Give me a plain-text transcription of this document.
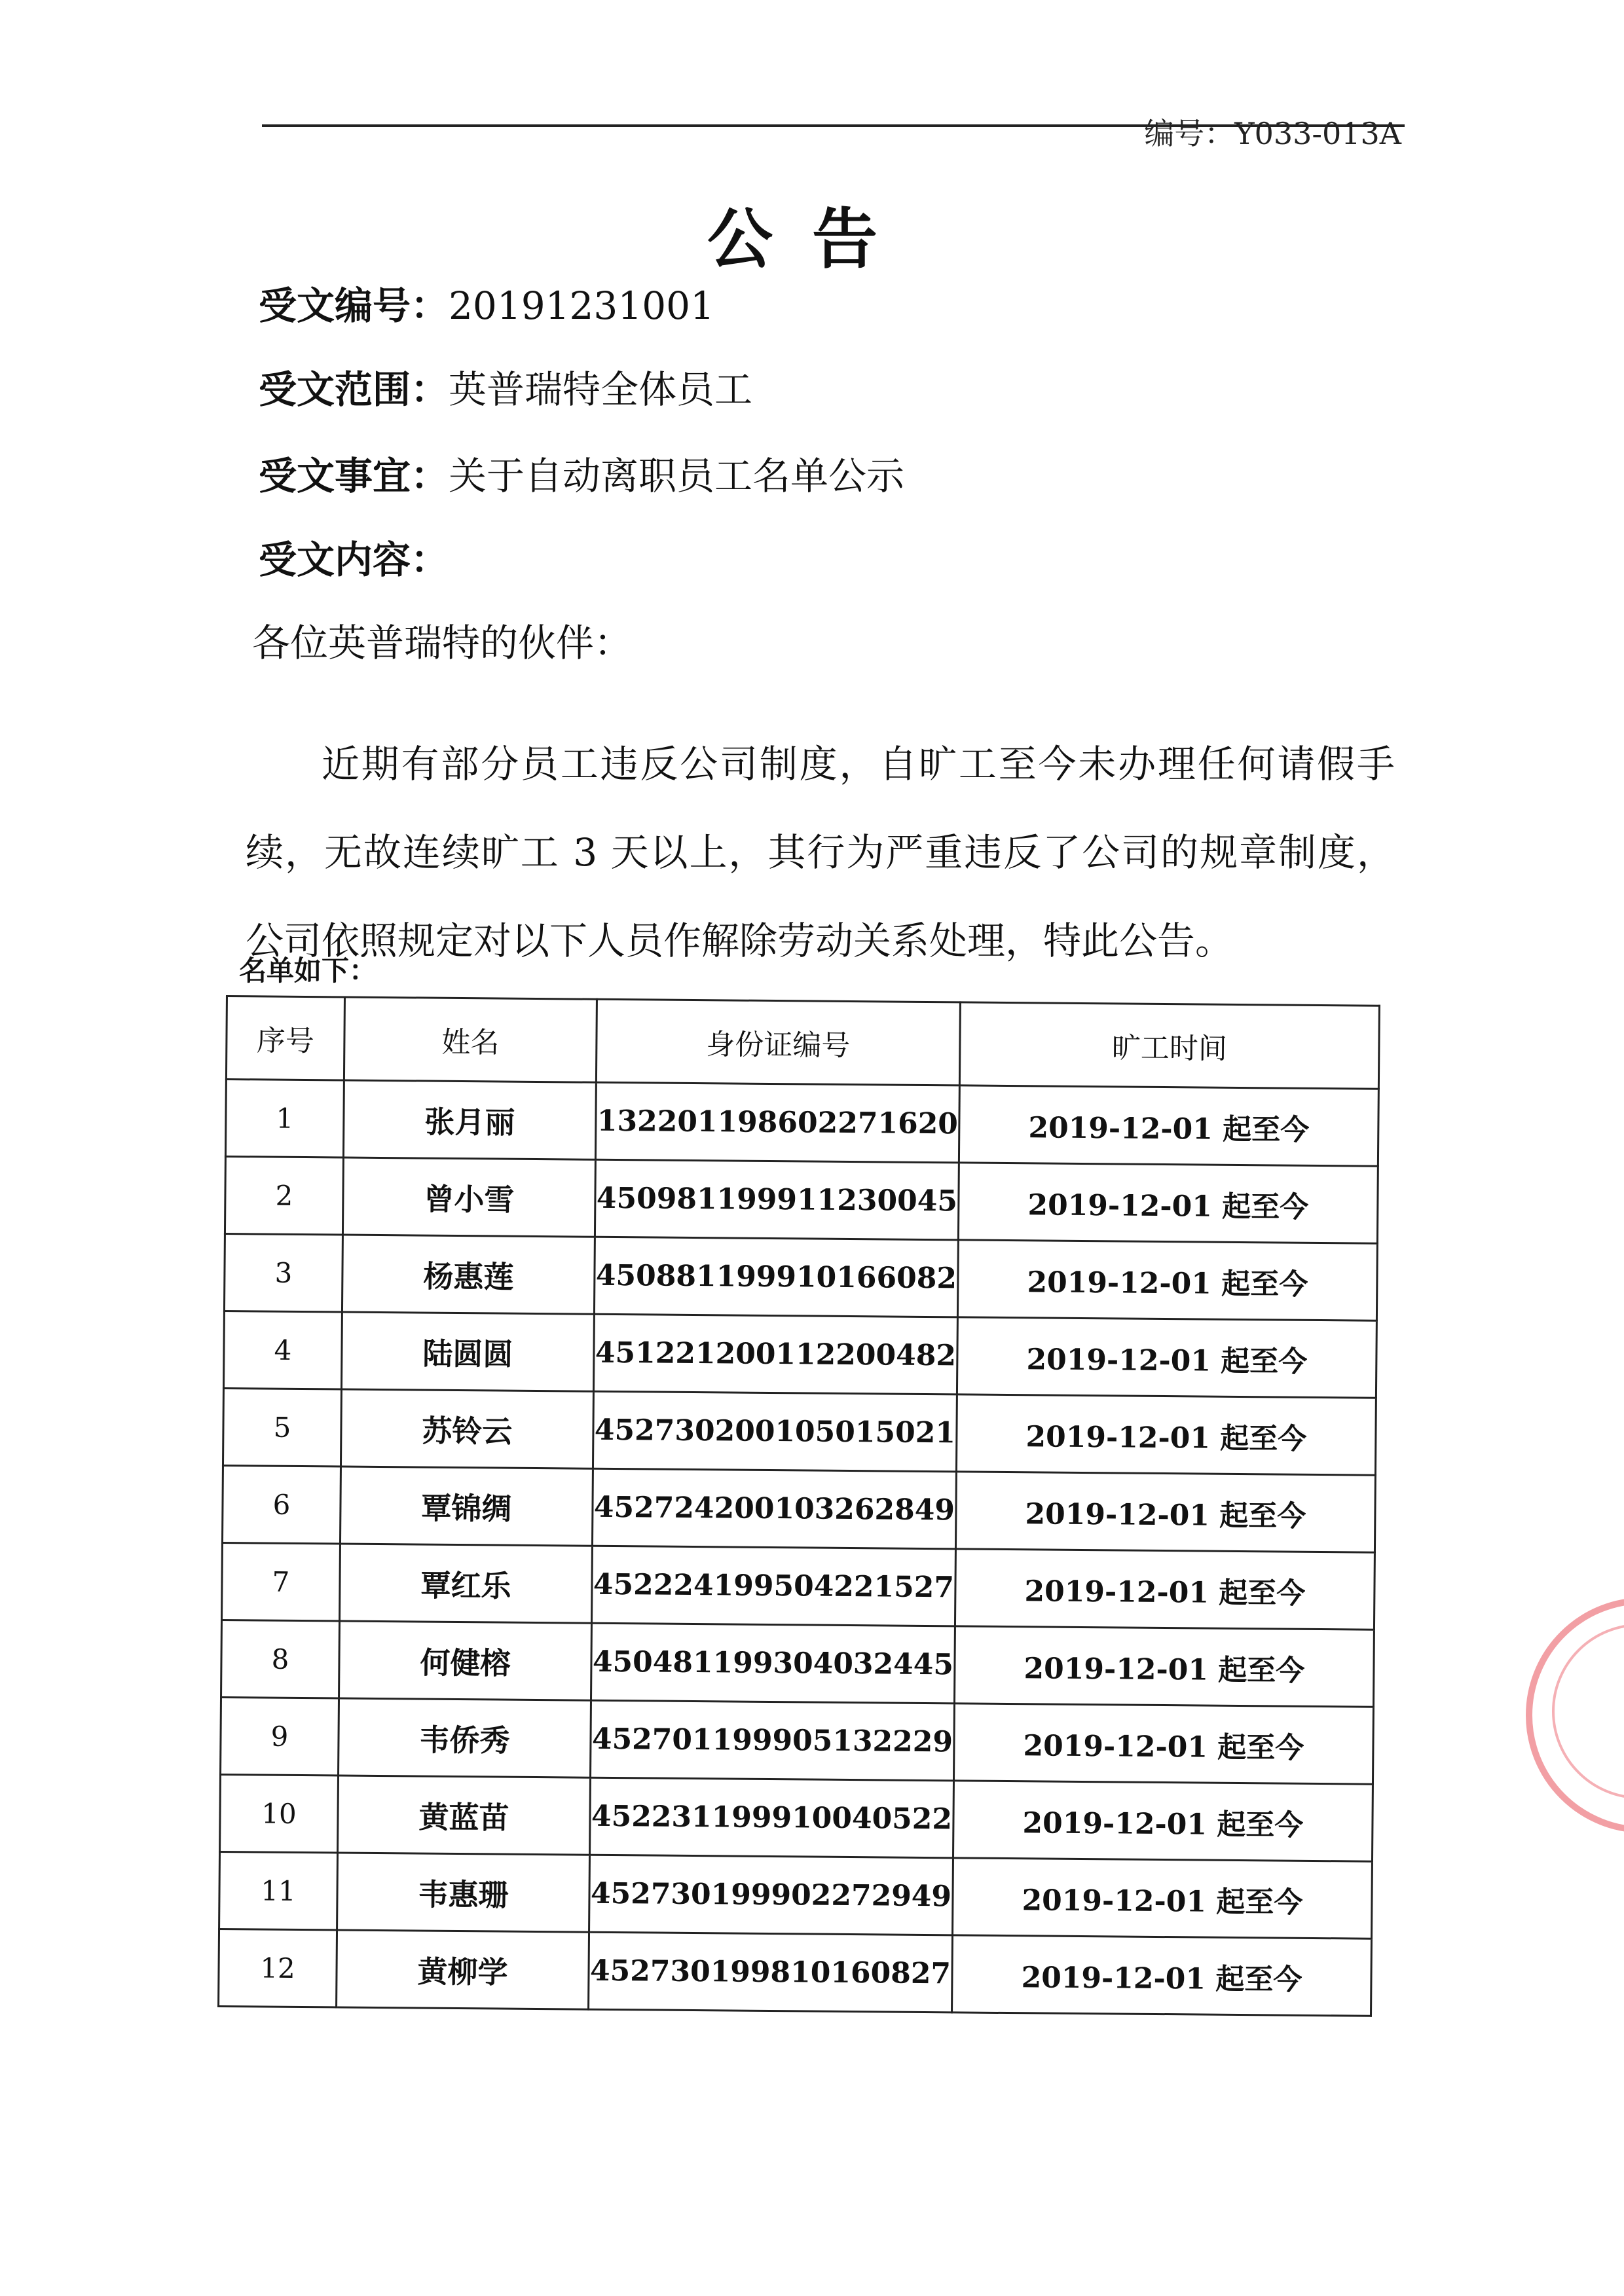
编号：Y033-013A
公告
受文编号：20191231001
受文范围：英普瑞特全体员工
受文事宜：关于自动离职员工名单公示
受文内容：
各位英普瑞特的伙伴：
近期有部分员工违反公司制度，自旷工至今未办理任何请假手续，无故连续旷工 3 天以上，其行为严重违反了公司的规章制度，公司依照规定对以下人员作解除劳动关系处理，特此公告。
名单如下：
序号	姓名	身份证编号	旷工时间
1	张月丽	132201198602271620	2019-12-01 起至今
2	曾小雪	450981199911230045	2019-12-01 起至今
3	杨惠莲	450881199910166082	2019-12-01 起至今
4	陆圆圆	451221200112200482	2019-12-01 起至今
5	苏铃云	452730200105015021	2019-12-01 起至今
6	覃锦绸	452724200103262849	2019-12-01 起至今
7	覃红乐	452224199504221527	2019-12-01 起至今
8	何健榕	450481199304032445	2019-12-01 起至今
9	韦侨秀	452701199905132229	2019-12-01 起至今
10	黄蓝苗	452231199910040522	2019-12-01 起至今
11	韦惠珊	452730199902272949	2019-12-01 起至今
12	黄柳学	452730199810160827	2019-12-01 起至今
